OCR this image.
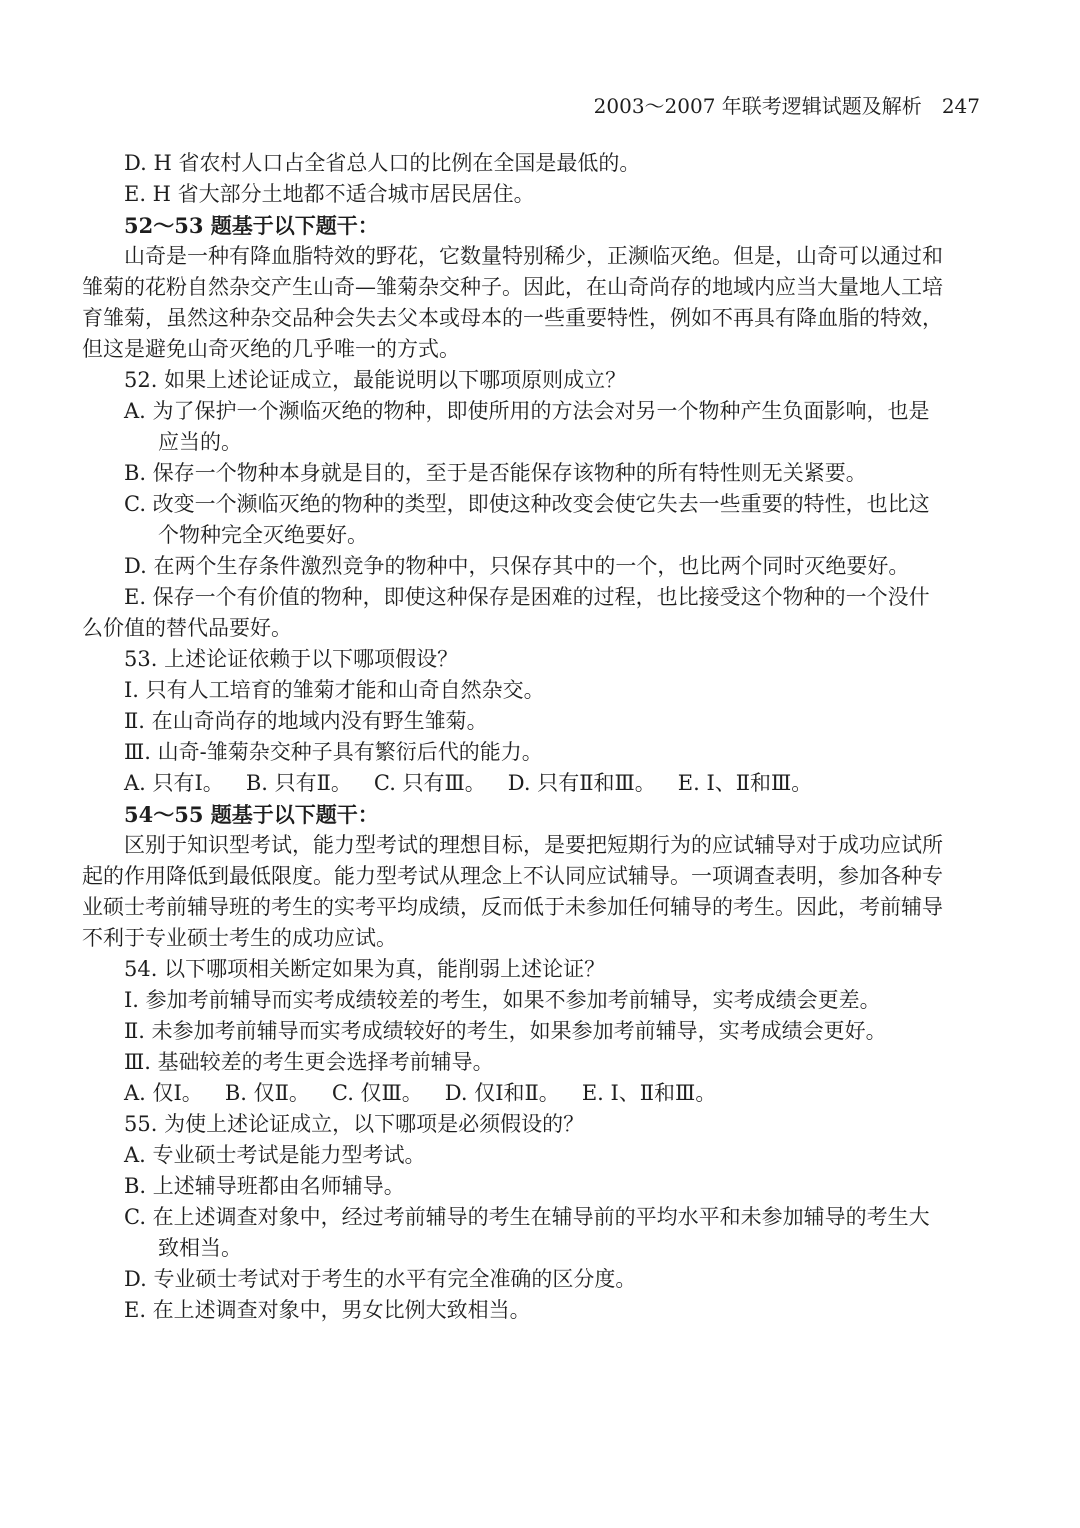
2003～2007 年联考逻辑试题及解析 247

D. H 省农村人口占全省总人口的比例在全国是最低的。

E. H 省大部分土地都不适合城市居民居住。

52～53 题基于以下题干：

山奇是一种有降血脂特效的野花，它数量特别稀少，正濒临灭绝。但是，山奇可以通过和

雏菊的花粉自然杂交产生山奇—雏菊杂交种子。因此，在山奇尚存的地域内应当大量地人工培

育雏菊，虽然这种杂交品种会失去父本或母本的一些重要特性，例如不再具有降血脂的特效，

但这是避免山奇灭绝的几乎唯一的方式。

52. 如果上述论证成立，最能说明以下哪项原则成立？

A. 为了保护一个濒临灭绝的物种，即使所用的方法会对另一个物种产生负面影响，也是

应当的。

B. 保存一个物种本身就是目的，至于是否能保存该物种的所有特性则无关紧要。

C. 改变一个濒临灭绝的物种的类型，即使这种改变会使它失去一些重要的特性，也比这

个物种完全灭绝要好。

D. 在两个生存条件激烈竞争的物种中，只保存其中的一个，也比两个同时灭绝要好。

E. 保存一个有价值的物种，即使这种保存是困难的过程，也比接受这个物种的一个没什

么价值的替代品要好。

53. 上述论证依赖于以下哪项假设？

Ⅰ. 只有人工培育的雏菊才能和山奇自然杂交。

Ⅱ. 在山奇尚存的地域内没有野生雏菊。

Ⅲ. 山奇-雏菊杂交种子具有繁衍后代的能力。

A. 只有Ⅰ。 B. 只有Ⅱ。 C. 只有Ⅲ。 D. 只有Ⅱ和Ⅲ。 E. Ⅰ、Ⅱ和Ⅲ。

54～55 题基于以下题干：

区别于知识型考试，能力型考试的理想目标，是要把短期行为的应试辅导对于成功应试所

起的作用降低到最低限度。能力型考试从理念上不认同应试辅导。一项调查表明，参加各种专

业硕士考前辅导班的考生的实考平均成绩，反而低于未参加任何辅导的考生。因此，考前辅导

不利于专业硕士考生的成功应试。

54. 以下哪项相关断定如果为真，能削弱上述论证？

Ⅰ. 参加考前辅导而实考成绩较差的考生，如果不参加考前辅导，实考成绩会更差。

Ⅱ. 未参加考前辅导而实考成绩较好的考生，如果参加考前辅导，实考成绩会更好。

Ⅲ. 基础较差的考生更会选择考前辅导。

A. 仅Ⅰ。 B. 仅Ⅱ。 C. 仅Ⅲ。 D. 仅Ⅰ和Ⅱ。 E. Ⅰ、Ⅱ和Ⅲ。

55. 为使上述论证成立，以下哪项是必须假设的？

A. 专业硕士考试是能力型考试。

B. 上述辅导班都由名师辅导。

C. 在上述调查对象中，经过考前辅导的考生在辅导前的平均水平和未参加辅导的考生大

致相当。

D. 专业硕士考试对于考生的水平有完全准确的区分度。

E. 在上述调查对象中，男女比例大致相当。
